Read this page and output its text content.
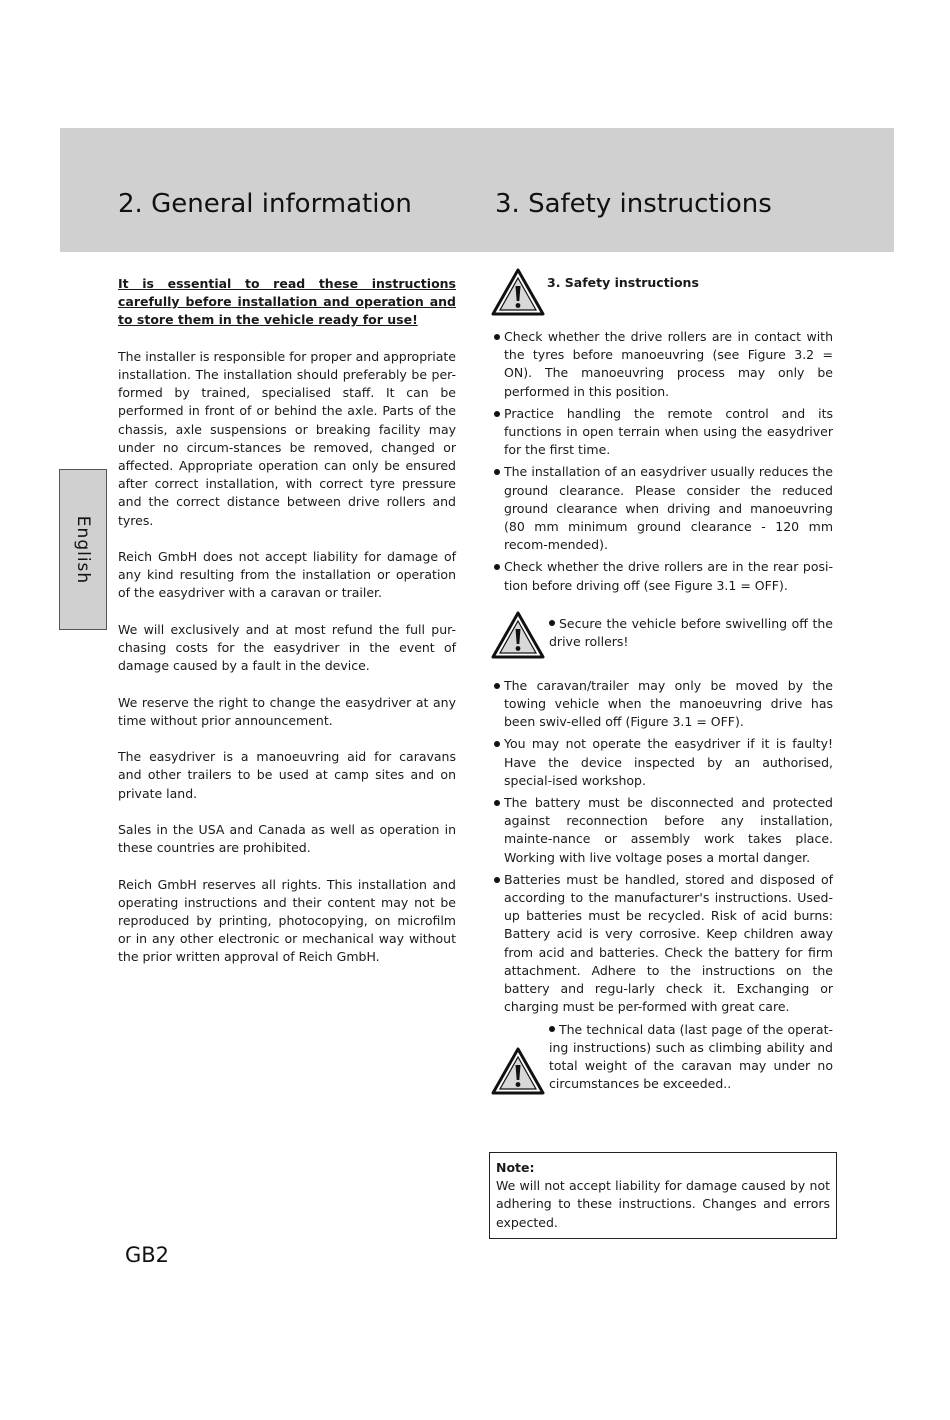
2. General information	3. Safety instructions
English

It is essential to read these instructions carefully before installation and operation and to store them in the vehicle ready for use!

The installer is responsible for proper and appropriate installation. The installation should preferably be per-formed by trained, specialised staff. It can be performed in front of or behind the axle. Parts of the chassis, axle suspensions or breaking facility may under no circum-stances be removed, changed or affected. Appropriate operation can only be ensured after correct installation, with correct tyre pressure and the correct distance between drive rollers and tyres.

Reich GmbH does not accept liability for damage of any kind resulting from the installation or operation of the easydriver with a caravan or trailer.

We will exclusively and at most refund the full pur-chasing costs for the easydriver in the event of damage caused by a fault in the device.

We reserve the right to change the easydriver at any time without prior announcement.

The easydriver is a manoeuvring aid for caravans and other trailers to be used at camp sites and on private land.

Sales in the USA and Canada as well as operation in these countries are prohibited.

Reich GmbH reserves all rights. This installation and operating instructions and their content may not be reproduced by printing, photocopying, on microfilm or in any other electronic or mechanical way without the prior written approval of Reich GmbH.

3. Safety instructions
Check whether the drive rollers are in contact with the tyres before manoeuvring (see Figure 3.2 = ON). The manoeuvring process may only be performed in this position.
Practice handling the remote control and its functions in open terrain when using the easydriver for the first time.
The installation of an easydriver usually reduces the ground clearance. Please consider the reduced ground clearance when driving and manoeuvring (80 mm minimum ground clearance - 120 mm recom-mended).
Check whether the drive rollers are in the rear posi-tion before driving off (see Figure 3.1 = OFF).
Secure the vehicle before swivelling off the drive rollers!
The caravan/trailer may only be moved by the towing vehicle when the manoeuvring drive has been swiv-elled off (Figure 3.1 = OFF).
You may not operate the easydriver if it is faulty! Have the device inspected by an authorised, special-ised workshop.
The battery must be disconnected and protected against reconnection before any installation, mainte-nance or assembly work takes place. Working with live voltage poses a mortal danger.
Batteries must be handled, stored and disposed of according to the manufacturer's instructions. Used-up batteries must be recycled. Risk of acid burns: Battery acid is very corrosive. Keep children away from acid and batteries. Check the battery for firm attachment. Adhere to the instructions on the battery and regu-larly check it. Exchanging or charging must be per-formed with great care.
The technical data (last page of the operat-ing instructions) such as climbing ability and total weight of the caravan may under no circumstances be exceeded..
Note:
We will not accept liability for damage caused by not adhering to these instructions. Changes and errors expected.
GB2
